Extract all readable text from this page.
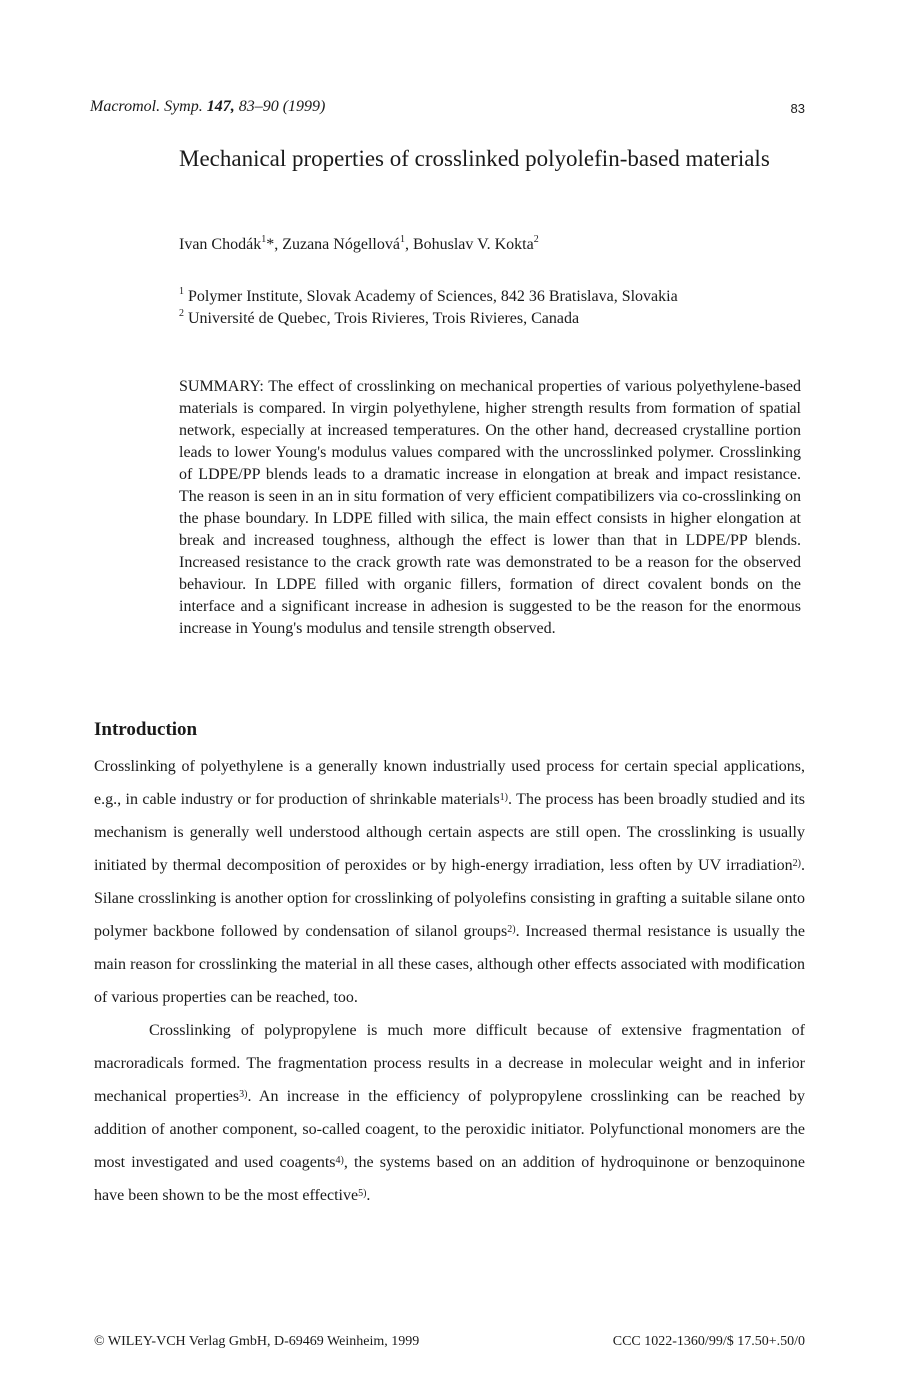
Macromol. Symp. 147, 83–90 (1999)	83
Mechanical properties of crosslinked polyolefin-based materials
Ivan Chodák$^1$*, Zuzana Nógellová$^1$, Bohuslav V. Kokta$^2$
$^1$ Polymer Institute, Slovak Academy of Sciences, 842 36 Bratislava, Slovakia
$^2$ Université de Quebec, Trois Rivieres, Trois Rivieres, Canada
SUMMARY: The effect of crosslinking on mechanical properties of various polyethylene-based materials is compared. In virgin polyethylene, higher strength results from formation of spatial network, especially at increased temperatures. On the other hand, decreased crystalline portion leads to lower Young's modulus values compared with the uncrosslinked polymer. Crosslinking of LDPE/PP blends leads to a dramatic increase in elongation at break and impact resistance. The reason is seen in an in situ formation of very efficient compatibilizers via co-crosslinking on the phase boundary. In LDPE filled with silica, the main effect consists in higher elongation at break and increased toughness, although the effect is lower than that in LDPE/PP blends. Increased resistance to the crack growth rate was demonstrated to be a reason for the observed behaviour. In LDPE filled with organic fillers, formation of direct covalent bonds on the interface and a significant increase in adhesion is suggested to be the reason for the enormous increase in Young's modulus and tensile strength observed.
Introduction

Crosslinking of polyethylene is a generally known industrially used process for certain special applications, e.g., in cable industry or for production of shrinkable materials$^{1)}$. The process has been broadly studied and its mechanism is generally well understood although certain aspects are still open. The crosslinking is usually initiated by thermal decomposition of peroxides or by high-energy irradiation, less often by UV irradiation$^{2)}$. Silane crosslinking is another option for crosslinking of polyolefins consisting in grafting a suitable silane onto polymer backbone followed by condensation of silanol groups$^{2)}$. Increased thermal resistance is usually the main reason for crosslinking the material in all these cases, although other effects associated with modification of various properties can be reached, too.

Crosslinking of polypropylene is much more difficult because of extensive fragmentation of macroradicals formed. The fragmentation process results in a decrease in molecular weight and in inferior mechanical properties$^{3)}$. An increase in the efficiency of polypropylene crosslinking can be reached by addition of another component, so-called coagent, to the peroxidic initiator. Polyfunctional monomers are the most investigated and used coagents$^{4)}$, the systems based on an addition of hydroquinone or benzoquinone have been shown to be the most effective$^{5)}$.

© WILEY-VCH Verlag GmbH, D-69469 Weinheim, 1999	CCC 1022-1360/99/$ 17.50+.50/0
